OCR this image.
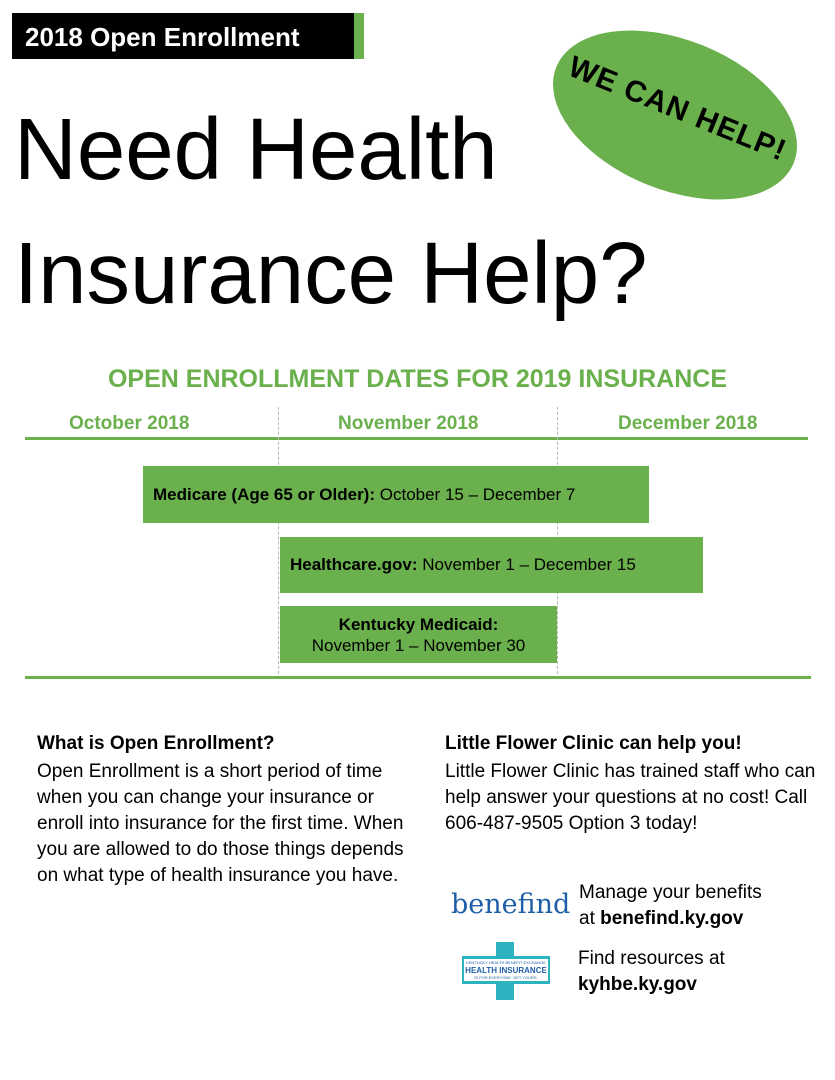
2018 Open Enrollment
WE CAN HELP!
Need Health
Insurance Help?
OPEN ENROLLMENT DATES FOR 2019 INSURANCE
October 2018	November 2018	December 2018
Medicare (Age 65 or Older):
October 15 – December 7
Healthcare.gov:
November 1 – December 15
Kentucky Medicaid:
November 1 – November 30
What is Open Enrollment?
Open Enrollment is a short period of time when you can change your insurance or enroll into insurance for the first time. When you are allowed to do those things depends on what type of health insurance you have.
Little Flower Clinic can help you!
Little Flower Clinic has trained staff who can help answer your questions at no cost! Call 606-487-9505 Option 3 today!
benefind Manage your benefits
at benefind.ky.gov
KENTUCKY HEALTH BENEFIT EXCHANGE
HEALTH INSURANCE
IS FOR EVERYONE. GET YOURS.
Find resources at
kyhbe.ky.gov
